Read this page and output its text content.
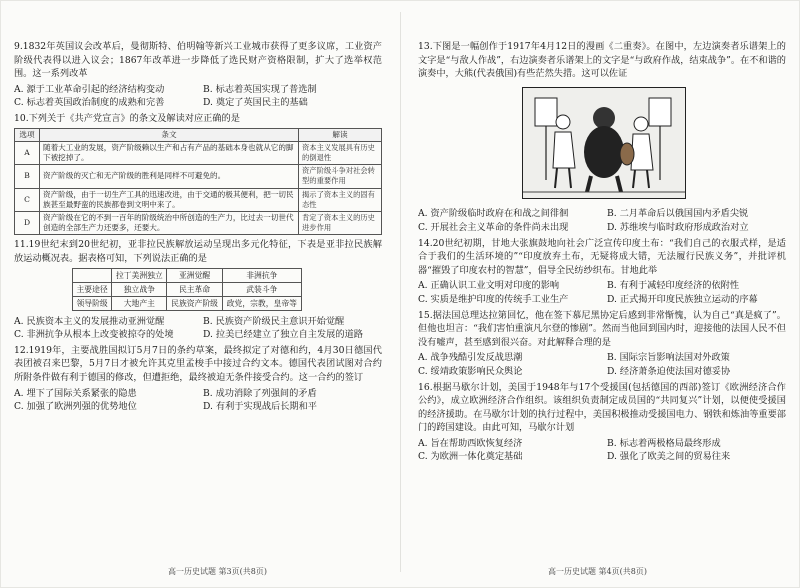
9.1832年英国议会改革后，曼彻斯特、伯明翰等新兴工业城市获得了更多议席，工业资产阶级代表得以进入议会；1867年改革进一步降低了选民财产资格限制，扩大了选举权范围。这一系列改革
A. 源于工业革命引起的经济结构变动	B. 标志着英国实现了普选制
C. 标志着英国政治制度的成熟和完善	D. 奠定了英国民主的基础
10.下列关于《共产党宣言》的条文及解读对应正确的是
选项	条文	解读
A	随着大工业的发展，资产阶级赖以生产和占有产品的基础本身也就从它的脚下被挖掉了。	资本主义发展具有历史的倒退性
B	资产阶级的灭亡和无产阶级的胜利是同样不可避免的。	资产阶级斗争对社会转型的重要作用
C	资产阶级，由于一切生产工具的迅速改进，由于交通的极其便利，把一切民族甚至最野蛮的民族都卷到文明中来了。	揭示了资本主义的固有态性
D	资产阶级在它的不到一百年的阶级统治中所创造的生产力，比过去一切世代创造的全部生产力还要多，还要大。	肯定了资本主义的历史进步作用
11.19世纪末到20世纪初，亚非拉民族解放运动呈现出多元化特征，下表是亚非拉民族解放运动概况表。据表格可知，下列说法正确的是
	拉丁美洲独立	亚洲觉醒	非洲抗争
主要途径	独立战争	民主革命	武装斗争
领导阶级	大地产主	民族资产阶级	政党，宗教，皇帝等
A. 民族资本主义的发展推动亚洲觉醒	B. 民族资产阶级民主意识开始觉醒
C. 非洲抗争从根本上改变被掠夺的处境	D. 拉美已经建立了独立自主发展的道路
12.1919年，主要战胜国拟订5月7日的条约草案，最终拟定了对德和约，4月30日德国代表团被召来巴黎，5月7日才被允许其克里孟梭手中接过合约文本。德国代表团试图对合约所附条件做有利于德国的修改，但遭拒绝，最终被迫无条件接受合约。这一合约的签订
A. 埋下了国际关系紧张的隐患	B. 成功消除了列强间的矛盾
C. 加强了欧洲列强的优势地位	D. 有利于实现战后长期和平
13.下图是一幅创作于1917年4月12日的漫画《二重奏》。在图中，左边演奏者乐谱架上的文字是“与敌人作战”，右边演奏者乐谱架上的文字是“与政府作战，结束战争”。在不和谐的演奏中，大熊(代表俄国)有些茫然失措。这可以佐证
A. 资产阶级临时政府在和战之间徘徊	B. 二月革命后以俄国国内矛盾尖锐
C. 开展社会主义革命的条件尚未出现	D. 苏维埃与临时政府形成政治对立
14.20世纪初期，甘地大张旗鼓地向社会广泛宣传印度土布：“我们自己的衣服式样，是适合于我们的生活环境的”“印度放弃土布，无疑将成大错，无法履行民族义务”，并批评机器“摧毁了印度农村的智慧”，倡导全民纺纱织布。甘地此举
A. 正确认识工业文明对印度的影响	B. 有利于减轻印度经济的依附性
C. 实质是维护印度的传统手工业生产	D. 正式揭开印度民族独立运动的序幕
15.据法国总理达拉第回忆，他在签下慕尼黑协定后感到非常惭愧，认为自己“真是疯了”。但他也坦言：“我们害怕重演凡尔登的惨剧”。然而当他回到国内时，迎接他的法国人民不但没有嘘声，甚至感到很兴奋。对此解释合理的是
A. 战争残酷引发反战思潮	B. 国际宗旨影响法国对外政策
C. 绥靖政策影响民众舆论	D. 经济萧条迫使法国对德妥协
16.根据马歇尔计划，美国于1948年与17个受援国(包括德国的西部)签订《欧洲经济合作公约》，成立欧洲经济合作组织。该组织负责制定成员国的“共同复兴”计划，以便使受援国的经济援助。在马歇尔计划的执行过程中，美国积极推动受援国电力、钢铁和炼油等重要部门的跨国建设。由此可知，马歇尔计划
A. 旨在帮助西欧恢复经济	B. 标志着两极格局最终形成
C. 为欧洲一体化奠定基础	D. 强化了欧美之间的贸易往来
高一历史试题 第3页(共8页)	高一历史试题 第4页(共8页)
